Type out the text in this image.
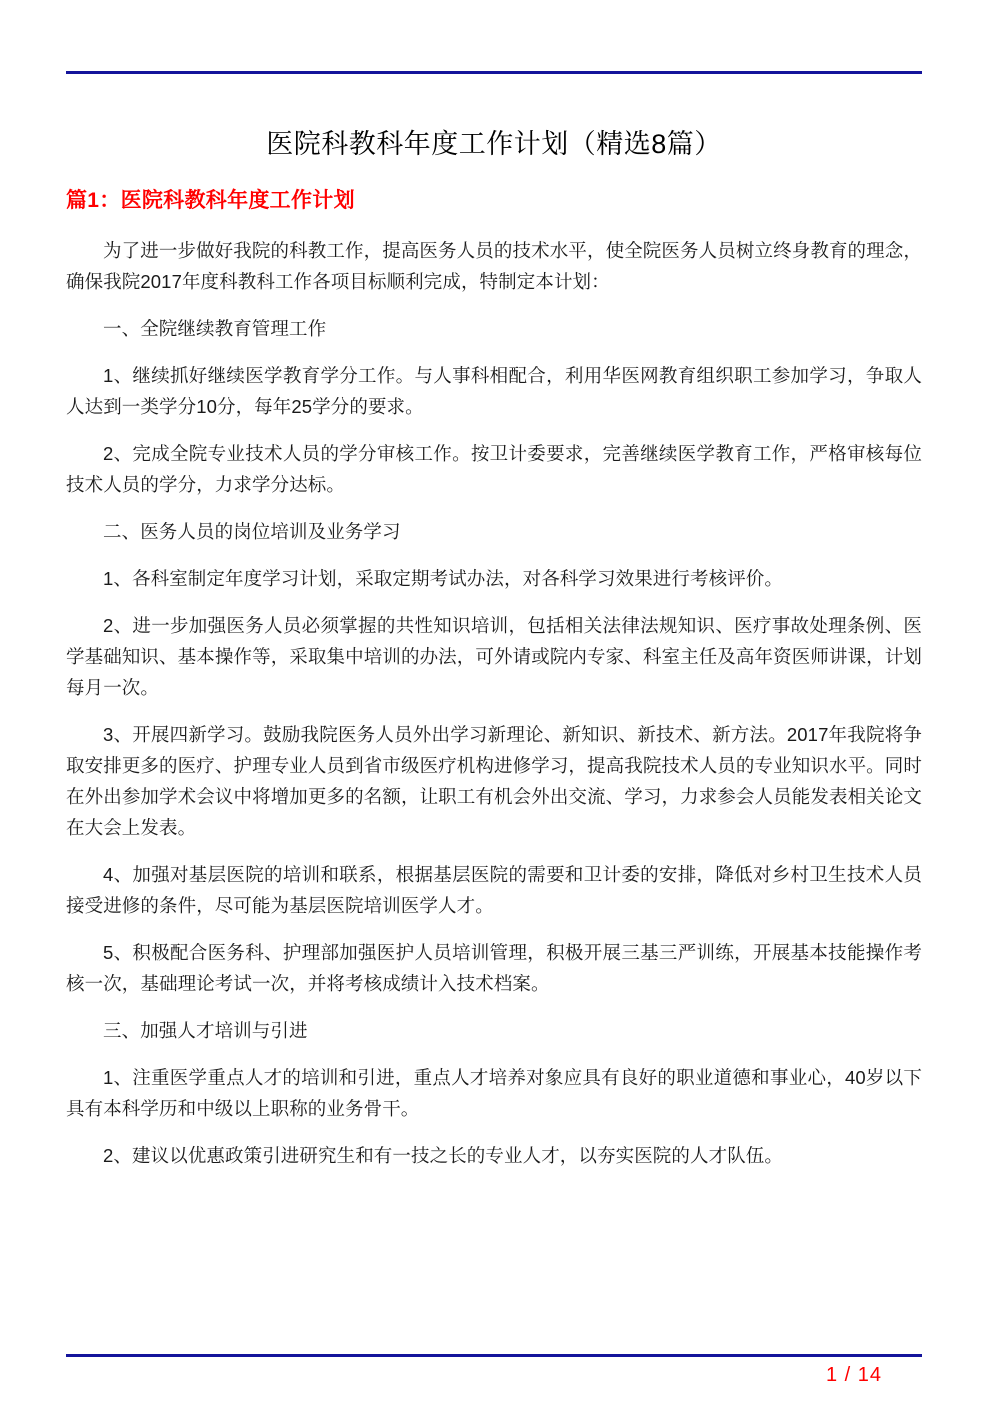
医院科教科年度工作计划（精选8篇）
篇1：医院科教科年度工作计划

为了进一步做好我院的科教工作，提高医务人员的技术水平，使全院医务人员树立终身教育的理念，确保我院2017年度科教科工作各项目标顺利完成，特制定本计划：

一、全院继续教育管理工作

1、继续抓好继续医学教育学分工作。与人事科相配合，利用华医网教育组织职工参加学习，争取人人达到一类学分10分，每年25学分的要求。

2、完成全院专业技术人员的学分审核工作。按卫计委要求，完善继续医学教育工作，严格审核每位技术人员的学分，力求学分达标。

二、医务人员的岗位培训及业务学习

1、各科室制定年度学习计划，采取定期考试办法，对各科学习效果进行考核评价。

2、进一步加强医务人员必须掌握的共性知识培训，包括相关法律法规知识、医疗事故处理条例、医学基础知识、基本操作等，采取集中培训的办法，可外请或院内专家、科室主任及高年资医师讲课，计划每月一次。

3、开展四新学习。鼓励我院医务人员外出学习新理论、新知识、新技术、新方法。2017年我院将争取安排更多的医疗、护理专业人员到省市级医疗机构进修学习，提高我院技术人员的专业知识水平。同时在外出参加学术会议中将增加更多的名额，让职工有机会外出交流、学习，力求参会人员能发表相关论文在大会上发表。

4、加强对基层医院的培训和联系，根据基层医院的需要和卫计委的安排，降低对乡村卫生技术人员接受进修的条件，尽可能为基层医院培训医学人才。

5、积极配合医务科、护理部加强医护人员培训管理，积极开展三基三严训练，开展基本技能操作考核一次，基础理论考试一次，并将考核成绩计入技术档案。

三、加强人才培训与引进

1、注重医学重点人才的培训和引进，重点人才培养对象应具有良好的职业道德和事业心，40岁以下具有本科学历和中级以上职称的业务骨干。

2、建议以优惠政策引进研究生和有一技之长的专业人才，以夯实医院的人才队伍。

1 / 14
